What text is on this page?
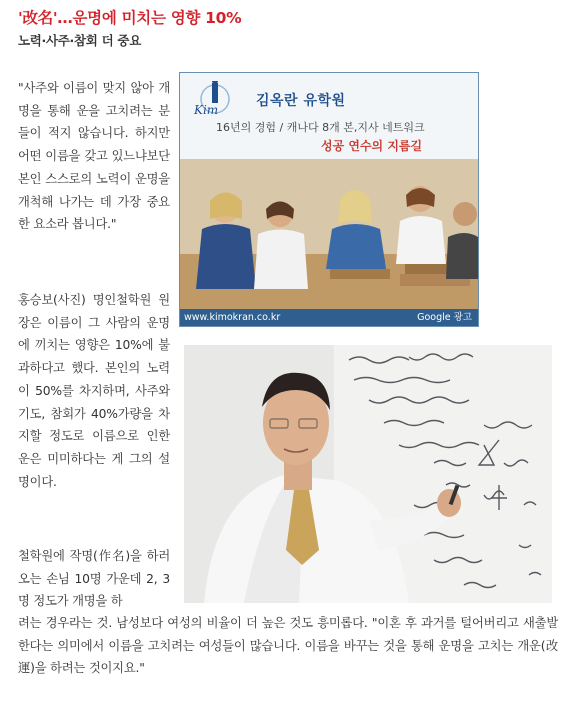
'改名'…운명에 미치는 영향 10%
노력·사주·참회 더 중요
"사주와 이름이 맞지 않아 개명을 통해 운을 고치려는 분들이 적지 않습니다. 하지만 어떤 이름을 갖고 있느냐보단 본인 스스로의 노력이 운명을 개척해 나가는 데 가장 중요한 요소라 봅니다."
Kim
김옥란 유학원
16년의 경험 / 캐나다 8개 본,지사 네트워크
성공 연수의 지름길
www.kimokran.co.kr	Google 광고
홍승보(사진) 명인철학원 원장은 이름이 그 사람의 운명에 끼치는 영향은 10%에 불과하다고 했다. 본인의 노력이 50%를 차지하며, 사주와 기도, 참회가 40%가량을 차지할 정도로 이름으로 인한 운은 미미하다는 게 그의 설명이다.
철학원에 작명(作名)을 하러 오는 손님 10명 가운데 2, 3명 정도가 개명을 하
려는 경우라는 것. 남성보다 여성의 비율이 더 높은 것도 흥미롭다. "이혼 후 과거를 털어버리고 새출발한다는 의미에서 이름을 고치려는 여성들이 많습니다. 이름을 바꾸는 것을 통해 운명을 고치는 개운(改運)을 하려는 것이지요."
